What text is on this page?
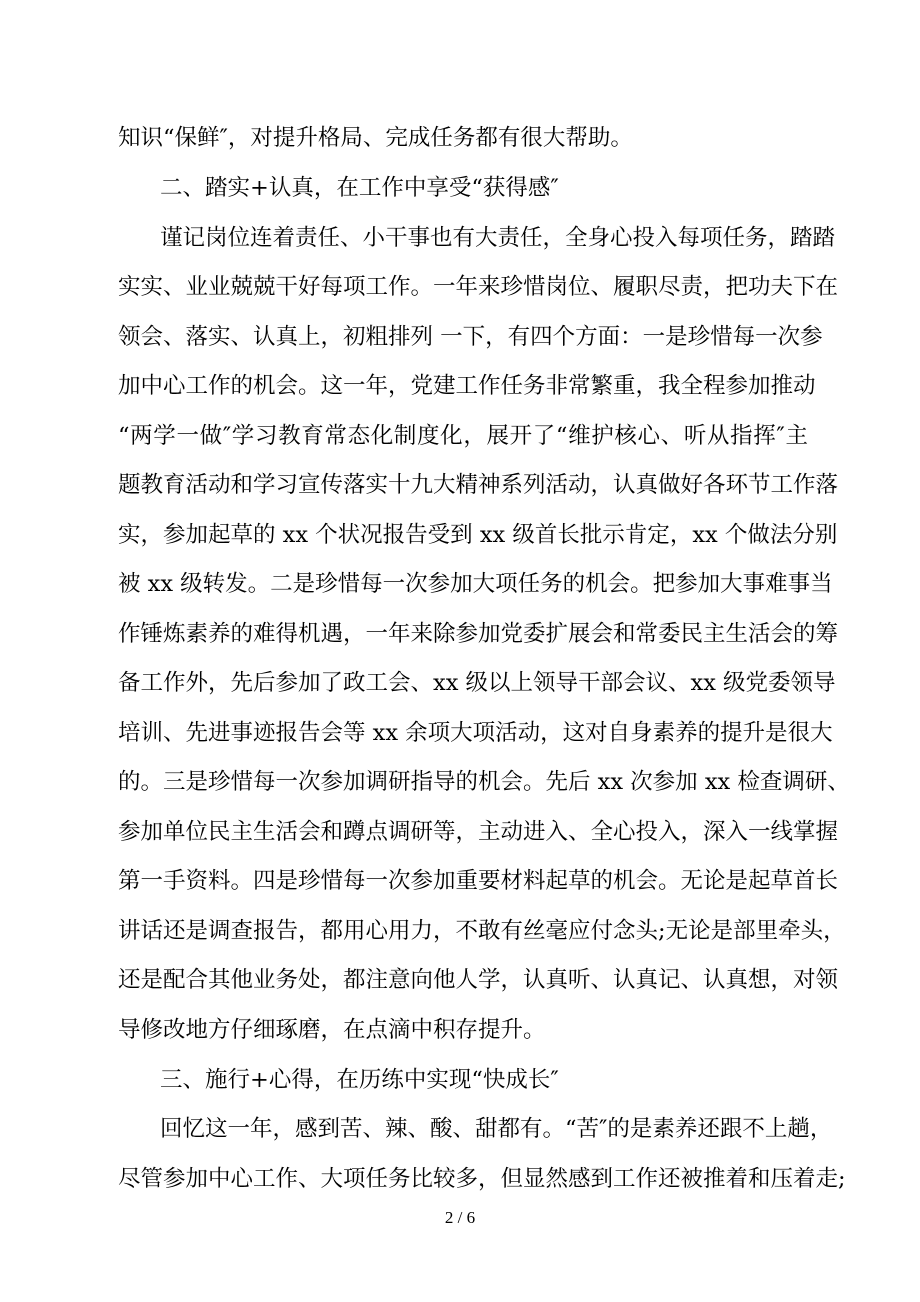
知识“保鲜″，对提升格局、完成任务都有很大帮助。
二、踏实+认真，在工作中享受“获得感″
谨记岗位连着责任、小干事也有大责任，全身心投入每项任务，踏踏
实实、业业兢兢干好每项工作。一年来珍惜岗位、履职尽责，把功夫下在
领会、落实、认真上，初粗排列 一下，有四个方面：一是珍惜每一次参
加中心工作的机会。这一年，党建工作任务非常繁重，我全程参加推动
“两学一做″学习教育常态化制度化，展开了“维护核心、听从指挥″主
题教育活动和学习宣传落实十九大精神系列活动，认真做好各环节工作落
实，参加起草的 xx 个状况报告受到 xx 级首长批示肯定，xx 个做法分别
被 xx 级转发。二是珍惜每一次参加大项任务的机会。把参加大事难事当
作锤炼素养的难得机遇，一年来除参加党委扩展会和常委民主生活会的筹
备工作外，先后参加了政工会、xx 级以上领导干部会议、xx 级党委领导
培训、先进事迹报告会等 xx 余项大项活动，这对自身素养的提升是很大
的。三是珍惜每一次参加调研指导的机会。先后 xx 次参加 xx 检查调研、
参加单位民主生活会和蹲点调研等，主动进入、全心投入，深入一线掌握
第一手资料。四是珍惜每一次参加重要材料起草的机会。无论是起草首长
讲话还是调查报告，都用心用力，不敢有丝毫应付念头;无论是部里牵头，
还是配合其他业务处，都注意向他人学，认真听、认真记、认真想，对领
导修改地方仔细琢磨，在点滴中积存提升。
三、施行+心得，在历练中实现“快成长″
回忆这一年，感到苦、辣、酸、甜都有。“苦″的是素养还跟不上趟，
尽管参加中心工作、大项任务比较多，但显然感到工作还被推着和压着走;
2 / 6
